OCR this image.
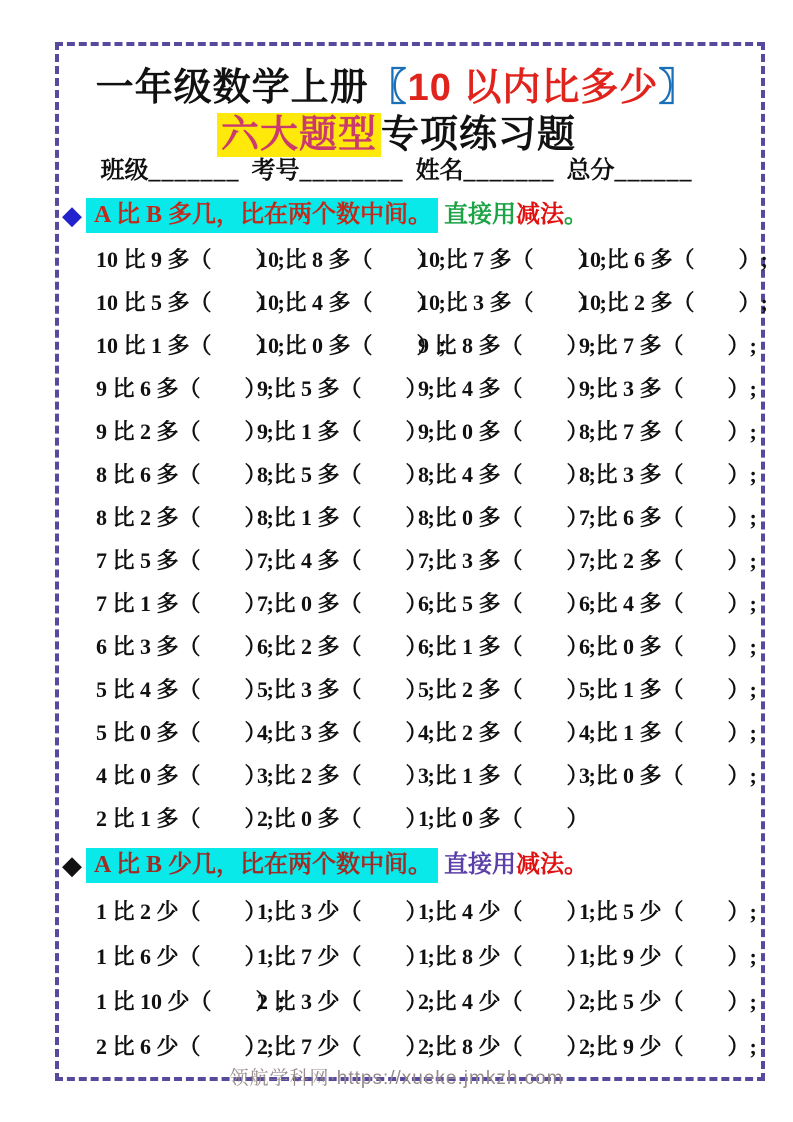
一年级数学上册〖10 以内比多少〗
六大题型 专项练习题
班级_______ 考号________ 姓名_______ 总分______
◆ A 比 B 多几，比在两个数中间。 直接用减法。
10 比 9 多（　　）;
10 比 8 多（　　）;
10 比 7 多（　　）;
10 比 6 多（　　）;
10 比 5 多（　　）;
10 比 4 多（　　）;
10 比 3 多（　　）;
10 比 2 多（　　）;
10 比 1 多（　　）;
10 比 0 多（　　）;
9 比 8 多（　　）;
9 比 7 多（　　）;
9 比 6 多（　　）;
9 比 5 多（　　）;
9 比 4 多（　　）;
9 比 3 多（　　）;
9 比 2 多（　　）;
9 比 1 多（　　）;
9 比 0 多（　　）;
8 比 7 多（　　）;
8 比 6 多（　　）;
8 比 5 多（　　）;
8 比 4 多（　　）;
8 比 3 多（　　）;
8 比 2 多（　　）;
8 比 1 多（　　）;
8 比 0 多（　　）;
7 比 6 多（　　）;
7 比 5 多（　　）;
7 比 4 多（　　）;
7 比 3 多（　　）;
7 比 2 多（　　）;
7 比 1 多（　　）;
7 比 0 多（　　）;
6 比 5 多（　　）;
6 比 4 多（　　）;
6 比 3 多（　　）;
6 比 2 多（　　）;
6 比 1 多（　　）;
6 比 0 多（　　）;
5 比 4 多（　　）;
5 比 3 多（　　）;
5 比 2 多（　　）;
5 比 1 多（　　）;
5 比 0 多（　　）;
4 比 3 多（　　）;
4 比 2 多（　　）;
4 比 1 多（　　）;
4 比 0 多（　　）;
3 比 2 多（　　）;
3 比 1 多（　　）;
3 比 0 多（　　）;
2 比 1 多（　　）;
2 比 0 多（　　）;
1 比 0 多（　　）
◆ A 比 B 少几，比在两个数中间。 直接用减法。
1 比 2 少（　　）;
1 比 3 少（　　）;
1 比 4 少（　　）;
1 比 5 少（　　）;
1 比 6 少（　　）;
1 比 7 少（　　）;
1 比 8 少（　　）;
1 比 9 少（　　）;
1 比 10 少（　　）;
2 比 3 少（　　）;
2 比 4 少（　　）;
2 比 5 少（　　）;
2 比 6 少（　　）;
2 比 7 少（　　）;
2 比 8 少（　　）;
2 比 9 少（　　）;
领航学科网·https://xueke.jmkzh.com
